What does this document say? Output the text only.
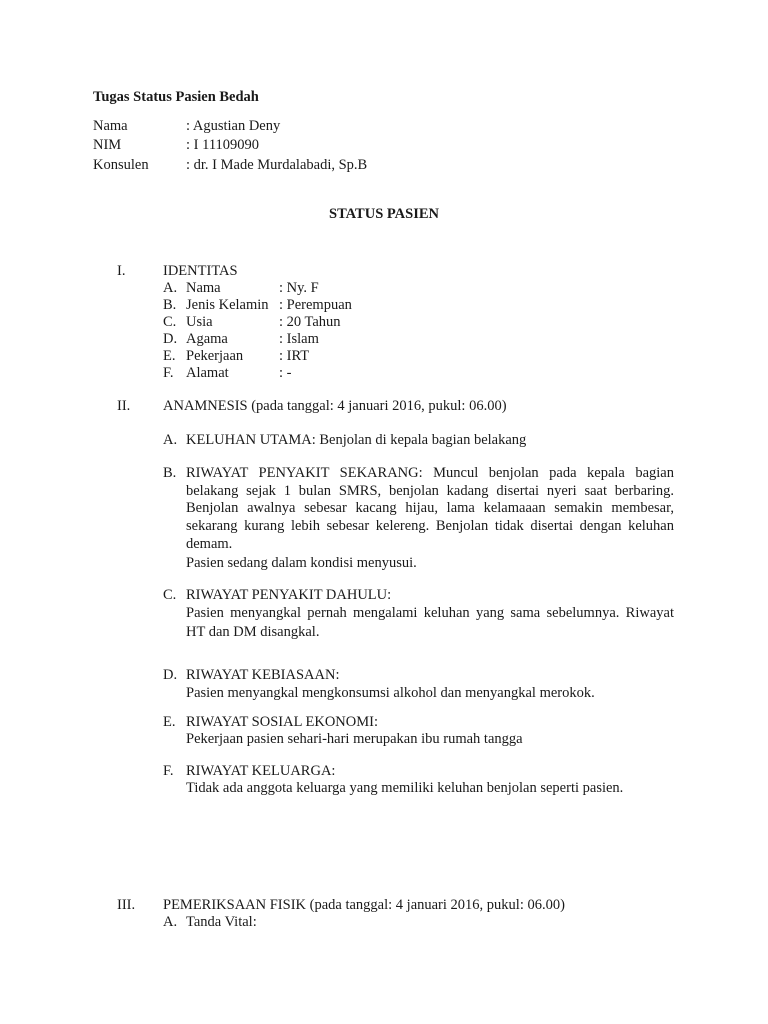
Tugas Status Pasien Bedah
Nama	: Agustian Deny
NIM	: I 11109090
Konsulen	: dr. I Made Murdalabadi, Sp.B
STATUS PASIEN
I.	IDENTITAS
A. Nama	: Ny. F
B. Jenis Kelamin : Perempuan
C. Usia	: 20 Tahun
D. Agama	: Islam
E. Pekerjaan : IRT
F. Alamat	: -
II. ANAMNESIS (pada tanggal: 4 januari 2016, pukul: 06.00)
A. KELUHAN UTAMA: Benjolan di kepala bagian belakang
B. RIWAYAT PENYAKIT SEKARANG: Muncul benjolan pada kepala bagian belakang sejak 1 bulan SMRS, benjolan kadang disertai nyeri saat berbaring. Benjolan awalnya sebesar kacang hijau, lama kelamaaan semakin membesar, sekarang kurang lebih sebesar kelereng. Benjolan tidak disertai dengan keluhan demam.
Pasien sedang dalam kondisi menyusui.
C. RIWAYAT PENYAKIT DAHULU:
Pasien menyangkal pernah mengalami keluhan yang sama sebelumnya. Riwayat HT dan DM disangkal.
D. RIWAYAT KEBIASAAN:
Pasien menyangkal mengkonsumsi alkohol dan menyangkal merokok.
E. RIWAYAT SOSIAL EKONOMI:
Pekerjaan pasien sehari-hari merupakan ibu rumah tangga
F. RIWAYAT KELUARGA:
Tidak ada anggota keluarga yang memiliki keluhan benjolan seperti pasien.
III. PEMERIKSAAN FISIK (pada tanggal: 4 januari 2016, pukul: 06.00)
A. Tanda Vital:
